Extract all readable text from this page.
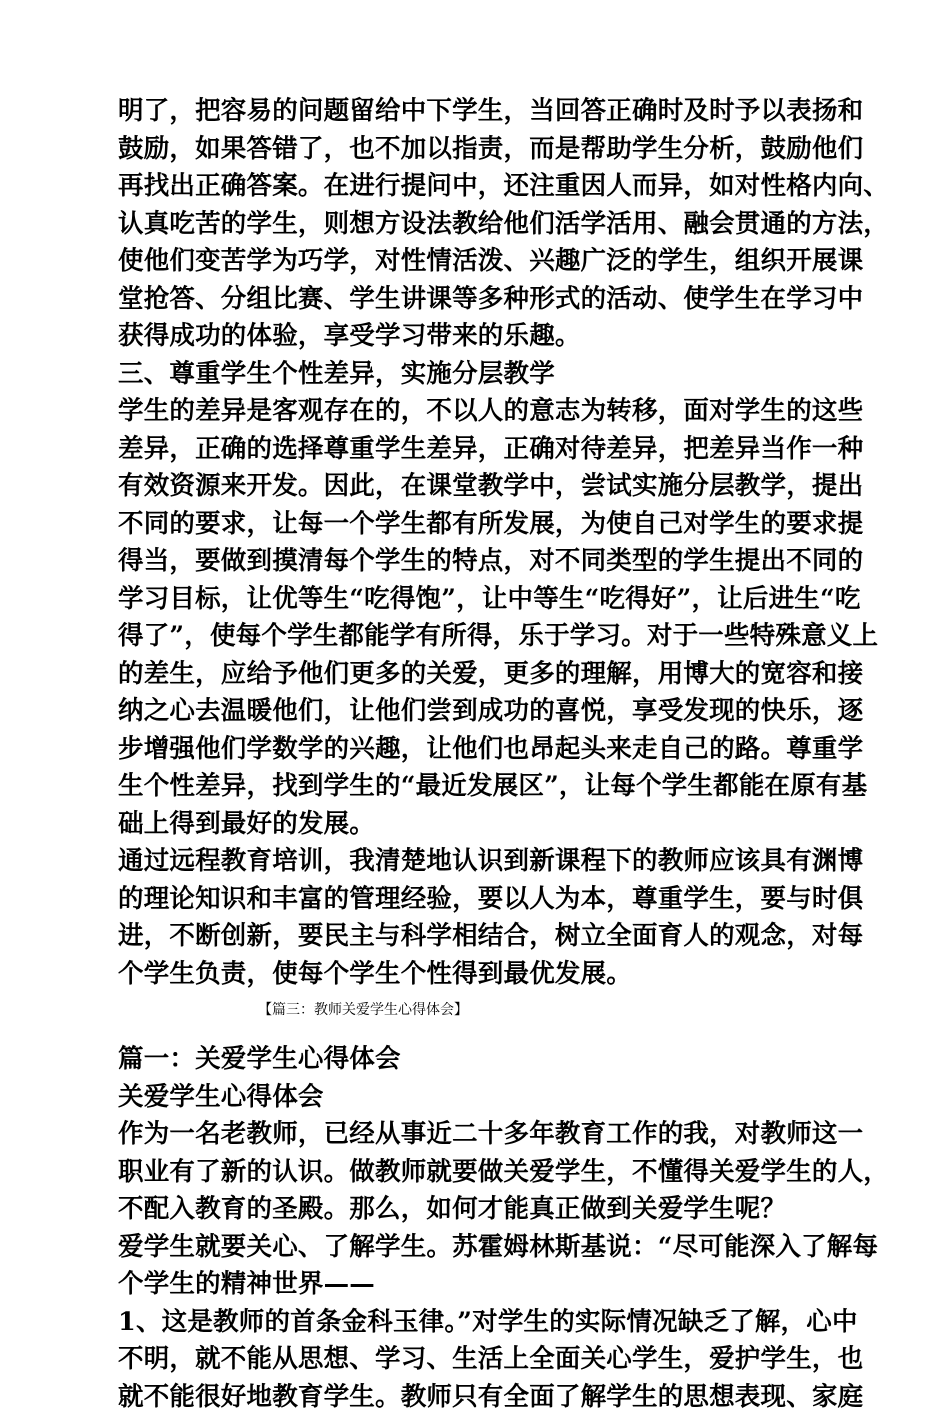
明了，把容易的问题留给中下学生，当回答正确时及时予以表扬和
鼓励，如果答错了，也不加以指责，而是帮助学生分析，鼓励他们
再找出正确答案。在进行提问中，还注重因人而异，如对性格内向、
认真吃苦的学生，则想方设法教给他们活学活用、融会贯通的方法，
使他们变苦学为巧学，对性情活泼、兴趣广泛的学生，组织开展课
堂抢答、分组比赛、学生讲课等多种形式的活动、使学生在学习中
获得成功的体验，享受学习带来的乐趣。
三、尊重学生个性差异，实施分层教学
学生的差异是客观存在的，不以人的意志为转移，面对学生的这些
差异，正确的选择尊重学生差异，正确对待差异，把差异当作一种
有效资源来开发。因此，在课堂教学中，尝试实施分层教学，提出
不同的要求，让每一个学生都有所发展，为使自己对学生的要求提
得当，要做到摸清每个学生的特点，对不同类型的学生提出不同的
学习目标，让优等生“吃得饱”，让中等生“吃得好”，让后进生“吃
得了”，使每个学生都能学有所得，乐于学习。对于一些特殊意义上
的差生，应给予他们更多的关爱，更多的理解，用博大的宽容和接
纳之心去温暖他们，让他们尝到成功的喜悦，享受发现的快乐，逐
步增强他们学数学的兴趣，让他们也昂起头来走自己的路。尊重学
生个性差异，找到学生的“最近发展区”，让每个学生都能在原有基
础上得到最好的发展。
通过远程教育培训，我清楚地认识到新课程下的教师应该具有渊博
的理论知识和丰富的管理经验，要以人为本，尊重学生，要与时俱
进，不断创新，要民主与科学相结合，树立全面育人的观念，对每
个学生负责，使每个学生个性得到最优发展。
【篇三：教师关爱学生心得体会】
篇一：关爱学生心得体会
关爱学生心得体会
作为一名老教师，已经从事近二十多年教育工作的我，对教师这一
职业有了新的认识。做教师就要做关爱学生，不懂得关爱学生的人，
不配入教育的圣殿。那么，如何才能真正做到关爱学生呢？
爱学生就要关心、了解学生。苏霍姆林斯基说：“尽可能深入了解每
个学生的精神世界——
1、这是教师的首条金科玉律。”对学生的实际情况缺乏了解，心中
不明，就不能从思想、学习、生活上全面关心学生，爱护学生，也
就不能很好地教育学生。教师只有全面了解学生的思想表现、家庭
